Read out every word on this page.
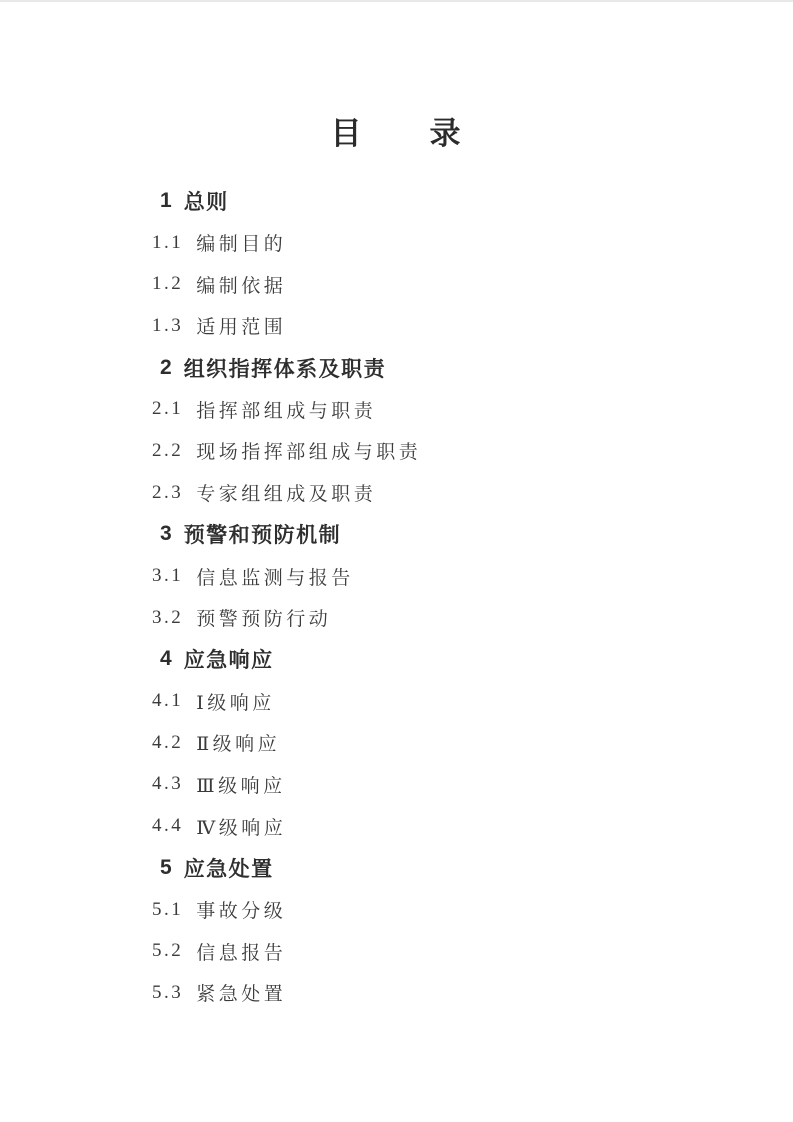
目　　录
1 总则
1.1 编制目的
1.2 编制依据
1.3 适用范围
2 组织指挥体系及职责
2.1 指挥部组成与职责
2.2 现场指挥部组成与职责
2.3 专家组组成及职责
3 预警和预防机制
3.1 信息监测与报告
3.2 预警预防行动
4 应急响应
4.1 Ⅰ级响应
4.2 Ⅱ级响应
4.3 Ⅲ级响应
4.4 Ⅳ级响应
5 应急处置
5.1 事故分级
5.2 信息报告
5.3 紧急处置
